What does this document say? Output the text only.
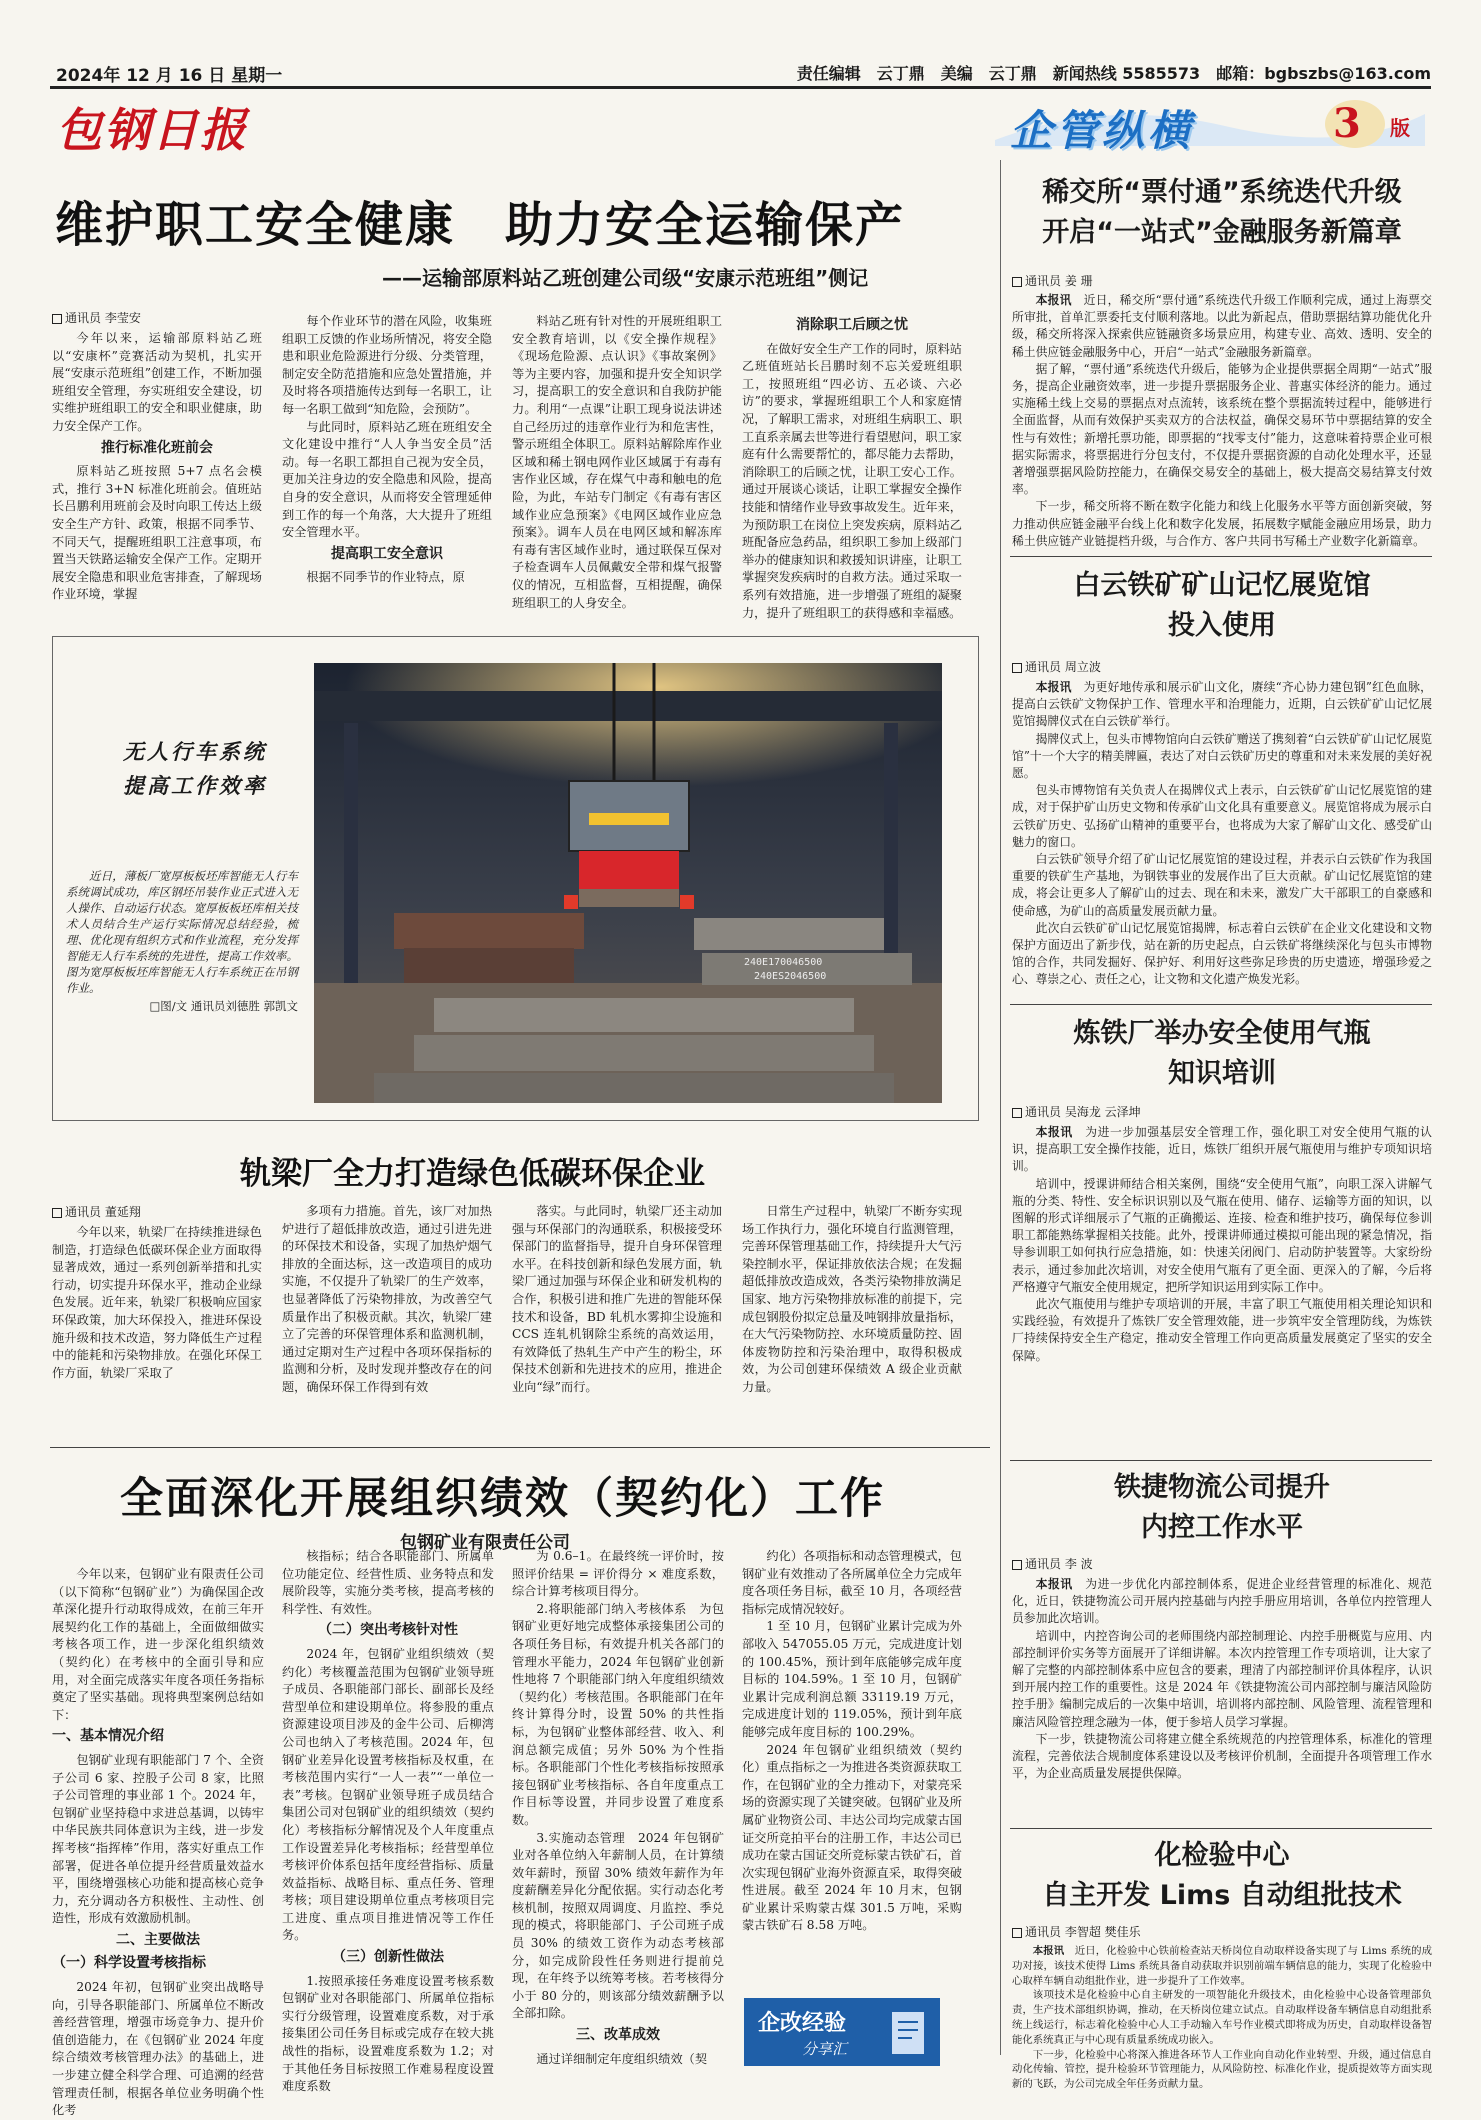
2024年 12 月 16 日 星期一	责任编辑　云丁鼎　美编　云丁鼎　新闻热线 5585573　邮箱：bgbszbs@163.com
包钢日报	企管纵横	3 版
维护职工安全健康　助力安全运输保产
——运输部原料站乙班创建公司级“安康示范班组”侧记
通讯员 李莹安

今年以来，运输部原料站乙班以“安康杯”竞赛活动为契机，扎实开展“安康示范班组”创建工作，不断加强班组安全管理，夯实班组安全建设，切实维护班组职工的安全和职业健康，助力安全保产工作。

推行标准化班前会

原料站乙班按照 5+7 点名会模式，推行 3+N 标准化班前会。值班站长吕鹏利用班前会及时向职工传达上级安全生产方针、政策，根据不同季节、不同天气，提醒班组职工注意事项，布置当天铁路运输安全保产工作。定期开展安全隐患和职业危害排查，了解现场作业环境，掌握

每个作业环节的潜在风险，收集班组职工反馈的作业场所情况，将安全隐患和职业危险源进行分级、分类管理，制定安全防范措施和应急处置措施，并及时将各项措施传达到每一名职工，让每一名职工做到“知危险，会预防”。

与此同时，原料站乙班在班组安全文化建设中推行“人人争当安全员”活动。每一名职工都担自己视为安全员，更加关注身边的安全隐患和风险，提高自身的安全意识，从而将安全管理延伸到工作的每一个角落，大大提升了班组安全管理水平。

提高职工安全意识

根据不同季节的作业特点，原

料站乙班有针对性的开展班组职工安全教育培训，以《安全操作规程》《现场危险源、点认识》《事故案例》等为主要内容，加强和提升安全知识学习，提高职工的安全意识和自我防护能力。利用“一点课”让职工现身说法讲述自己经历过的违章作业行为和危害性，警示班组全体职工。原料站解除库作业区域和稀土钢电网作业区域属于有毒有害作业区域，存在煤气中毒和触电的危险，为此，车站专门制定《有毒有害区域作业应急预案》《电网区域作业应急预案》。调车人员在电网区域和解冻库有毒有害区域作业时，通过联保互保对子检查调车人员佩戴安全带和煤气报警仪的情况，互相监督，互相提醒，确保班组职工的人身安全。

消除职工后顾之忧

在做好安全生产工作的同时，原料站乙班值班站长吕鹏时刻不忘关爱班组职工，按照班组“四必访、五必谈、六必访”的要求，掌握班组职工个人和家庭情况，了解职工需求，对班组生病职工、职工直系亲属去世等进行看望慰问，职工家庭有什么需要帮忙的，都尽能力去帮助，消除职工的后顾之忧，让职工安心工作。通过开展谈心谈话，让职工掌握安全操作技能和情绪作业导致事故发生。近年来，为预防职工在岗位上突发疾病，原料站乙班配备应急药品，组织职工参加上级部门举办的健康知识和救援知识讲座，让职工掌握突发疾病时的自救方法。通过采取一系列有效措施，进一步增强了班组的凝聚力，提升了班组职工的获得感和幸福感。

无人行车系统　提高工作效率

近日，薄板厂宽厚板板坯库智能无人行车系统调试成功，库区钢坯吊装作业正式进入无人操作、自动运行状态。宽厚板板坯库相关技术人员结合生产运行实际情况总结经验，梳理、优化现有组织方式和作业流程，充分发挥智能无人行车系统的先进性，提高工作效率。图为宽厚板板坯库智能无人行车系统正在吊钢作业。

□图/文 通讯员刘德胜 郭凯文

240E170046500
240ES2046500
轨梁厂全力打造绿色低碳环保企业
通讯员 董延翔

今年以来，轨梁厂在持续推进绿色制造，打造绿色低碳环保企业方面取得显著成效，通过一系列创新举措和扎实行动，切实提升环保水平，推动企业绿色发展。近年来，轨梁厂积极响应国家环保政策，加大环保投入，推进环保设施升级和技术改造，努力降低生产过程中的能耗和污染物排放。在强化环保工作方面，轨梁厂采取了

多项有力措施。首先，该厂对加热炉进行了超低排放改造，通过引进先进的环保技术和设备，实现了加热炉烟气排放的全面达标，这一改造项目的成功实施，不仅提升了轨梁厂的生产效率，也显著降低了污染物排放，为改善空气质量作出了积极贡献。其次，轨梁厂建立了完善的环保管理体系和监测机制，通过定期对生产过程中各项环保指标的监测和分析，及时发现并整改存在的问题，确保环保工作得到有效

落实。与此同时，轨梁厂还主动加强与环保部门的沟通联系，积极接受环保部门的监督指导，提升自身环保管理水平。在科技创新和绿色发展方面，轨梁厂通过加强与环保企业和研发机构的合作，积极引进和推广先进的智能环保技术和设备，BD 轧机水雾抑尘设施和 CCS 连轧机钢除尘系统的高效运用，有效降低了热轧生产中产生的粉尘，环保技术创新和先进技术的应用，推进企业向“绿”而行。

日常生产过程中，轨梁厂不断夯实现场工作执行力，强化环境自行监测管理，完善环保管理基础工作，持续提升大气污染控制水平，保证排放依法合规；在发掘超低排放改造成效，各类污染物排放满足国家、地方污染物排放标准的前提下，完成包钢股份拟定总量及吨钢排放量指标，在大气污染物防控、水环境质量防控、固体废物防控和污染治理中，取得积极成效，为公司创建环保绩效 A 级企业贡献力量。

全面深化开展组织绩效（契约化）工作
包钢矿业有限责任公司

今年以来，包钢矿业有限责任公司（以下简称“包钢矿业”）为确保国企改革深化提升行动取得成效，在前三年开展契约化工作的基础上，全面做细做实考核各项工作，进一步深化组织绩效（契约化）在考核中的全面引导和应用，对全面完成落实年度各项任务指标奠定了坚实基础。现将典型案例总结如下：

一、基本情况介绍

包钢矿业现有职能部门 7 个、全资子公司 6 家、控股子公司 8 家，比照子公司管理的事业部 1 个。2024 年，包钢矿业坚持稳中求进总基调，以铸牢中华民族共同体意识为主线，进一步发挥考核“指挥棒”作用，落实好重点工作部署，促进各单位提升经营质量效益水平，围绕增强核心功能和提高核心竞争力，充分调动各方积极性、主动性、创造性，形成有效激励机制。

二、主要做法

（一）科学设置考核指标

2024 年初，包钢矿业突出战略导向，引导各职能部门、所属单位不断改善经营管理，增强市场竞争力、提升价值创造能力，在《包钢矿业 2024 年度综合绩效考核管理办法》的基础上，进一步建立健全科学合理、可追溯的经营管理责任制，根据各单位业务明确个性化考

核指标；结合各职能部门、所属单位功能定位、经营性质、业务特点和发展阶段等，实施分类考核，提高考核的科学性、有效性。

（二）突出考核针对性

2024 年，包钢矿业组织绩效（契约化）考核覆盖范围为包钢矿业领导班子成员、各职能部门部长、副部长及经营型单位和建设期单位。将参股的重点资源建设项目涉及的金牛公司、后柳湾公司也纳入了考核范围。2024 年，包钢矿业差异化设置考核指标及权重，在考核范围内实行“一人一表”“一单位一表”考核。包钢矿业领导班子成员结合集团公司对包钢矿业的组织绩效（契约化）考核指标分解情况及个人年度重点工作设置差异化考核指标；经营型单位考核评价体系包括年度经营指标、质量效益指标、战略目标、重点任务、管理考核；项目建设期单位重点考核项目完工进度、重点项目推进情况等工作任务。

（三）创新性做法

1.按照承接任务难度设置考核系数　包钢矿业对各职能部门、所属单位指标实行分级管理，设置难度系数，对于承接集团公司任务目标或完成存在较大挑战性的指标，设置难度系数为 1.2；对于其他任务目标按照工作难易程度设置难度系数

为 0.6–1。在最终统一评价时，按照评价结果 = 评价得分 × 难度系数，综合计算考核项目得分。

2.将职能部门纳入考核体系　为包钢矿业更好地完成整体承接集团公司的各项任务目标，有效提升机关各部门的管理水平能力，2024 年包钢矿业创新性地将 7 个职能部门纳入年度组织绩效（契约化）考核范围。各职能部门在年终计算得分时，设置 50% 的共性指标，为包钢矿业整体部经营、收入、利润总额完成值；另外 50% 为个性指标。各职能部门个性化考核指标按照承接包钢矿业考核指标、各自年度重点工作目标等设置，并同步设置了难度系数。

3.实施动态管理　2024 年包钢矿业对各单位纳入年薪制人员，在计算绩效年薪时，预留 30% 绩效年薪作为年度薪酬差异化分配依据。实行动态化考核机制，按照双周调度、月监控、季兑现的模式，将职能部门、子公司班子成员 30% 的绩效工资作为动态考核部分，如完成阶段性任务则进行提前兑现，在年终予以统筹考核。若考核得分小于 80 分的，则该部分绩效薪酬予以全部扣除。

三、改革成效

通过详细制定年度组织绩效（契

约化）各项指标和动态管理模式，包钢矿业有效推动了各所属单位全力完成年度各项任务目标，截至 10 月，各项经营指标完成情况较好。

1 至 10 月，包钢矿业累计完成为外部收入 547055.05 万元，完成进度计划的 100.45%，预计到年底能够完成年度目标的 104.59%。1 至 10 月，包钢矿业累计完成利润总额 33119.19 万元，完成进度计划的 119.05%，预计到年底能够完成年度目标的 100.29%。

2024 年包钢矿业组织绩效（契约化）重点指标之一为推进各类资源获取工作，在包钢矿业的全力推动下，对蒙亮采场的资源实现了关键突破。包钢矿业及所属矿业物资公司、丰达公司均完成蒙古国证交所竞拍平台的注册工作，丰达公司已成功在蒙古国证交所竞标蒙古铁矿石，首次实现包钢矿业海外资源直采，取得突破性进展。截至 2024 年 10 月末，包钢矿业累计采购蒙古煤 301.5 万吨，采购蒙古铁矿石 8.58 万吨。

企改经验
分享汇
稀交所“票付通”系统迭代升级
开启“一站式”金融服务新篇章
通讯员 姜 珊

本报讯　 近日，稀交所“票付通”系统迭代升级工作顺利完成，通过上海票交所审批，首单汇票委托支付顺利落地。以此为新起点，借助票据结算功能优化升级，稀交所将深入探索供应链融资多场景应用，构建专业、高效、透明、安全的稀土供应链金融服务中心，开启“一站式”金融服务新篇章。

据了解，“票付通”系统迭代升级后，能够为企业提供票据全周期“一站式”服务，提高企业融资效率，进一步提升票据服务企业、普惠实体经济的能力。通过实施稀土线上交易的票据点对点流转，该系统在整个票据流转过程中，能够进行全面监督，从而有效保护买卖双方的合法权益，确保交易环节中票据结算的安全性与有效性；新增托票功能，即票据的“找零支付”能力，这意味着持票企业可根据实际需求，将票据进行分包支付，不仅提升票据资源的自动化处理水平，还显著增强票据风险防控能力，在确保交易安全的基础上，极大提高交易结算支付效率。

下一步，稀交所将不断在数字化能力和线上化服务水平等方面创新突破，努力推动供应链金融平台线上化和数字化发展，拓展数字赋能金融应用场景，助力稀土供应链产业链提档升级，与合作方、客户共同书写稀土产业数字化新篇章。

白云铁矿矿山记忆展览馆
投入使用
通讯员 周立波

本报讯　 为更好地传承和展示矿山文化，赓续“齐心协力建包钢”红色血脉，提高白云铁矿文物保护工作、管理水平和治理能力，近期，白云铁矿矿山记忆展览馆揭牌仪式在白云铁矿举行。

揭牌仪式上，包头市博物馆向白云铁矿赠送了携刻着“白云铁矿矿山记忆展览馆”十一个大字的精美牌匾，表达了对白云铁矿历史的尊重和对未来发展的美好祝愿。

包头市博物馆有关负责人在揭牌仪式上表示，白云铁矿矿山记忆展览馆的建成，对于保护矿山历史文物和传承矿山文化具有重要意义。展览馆将成为展示白云铁矿历史、弘扬矿山精神的重要平台，也将成为大家了解矿山文化、感受矿山魅力的窗口。

白云铁矿领导介绍了矿山记忆展览馆的建设过程，并表示白云铁矿作为我国重要的铁矿生产基地，为钢铁事业的发展作出了巨大贡献。矿山记忆展览馆的建成，将会让更多人了解矿山的过去、现在和未来，激发广大干部职工的自豪感和使命感，为矿山的高质量发展贡献力量。

此次白云铁矿矿山记忆展览馆揭牌，标志着白云铁矿在企业文化建设和文物保护方面迈出了新步伐，站在新的历史起点，白云铁矿将继续深化与包头市博物馆的合作，共同发掘好、保护好、利用好这些弥足珍贵的历史遗迹，增强珍爱之心、尊崇之心、责任之心，让文物和文化遗产焕发光彩。

炼铁厂举办安全使用气瓶
知识培训
通讯员 吴海龙 云泽坤

本报讯　 为进一步加强基层安全管理工作，强化职工对安全使用气瓶的认识，提高职工安全操作技能，近日，炼铁厂组织开展气瓶使用与维护专项知识培训。

培训中，授课讲师结合相关案例，围绕“安全使用气瓶”，向职工深入讲解气瓶的分类、特性、安全标识识别以及气瓶在使用、储存、运输等方面的知识，以图解的形式详细展示了气瓶的正确搬运、连接、检查和维护技巧，确保每位参训职工都能熟练掌握相关技能。此外，授课讲师通过模拟可能出现的紧急情况，指导参训职工如何执行应急措施，如：快速关闭阀门、启动防护装置等。大家纷纷表示，通过参加此次培训，对安全使用气瓶有了更全面、更深入的了解，今后将严格遵守气瓶安全使用规定，把所学知识运用到实际工作中。

此次气瓶使用与维护专项培训的开展，丰富了职工气瓶使用相关理论知识和实践经验，有效提升了炼铁厂安全管理效能，进一步筑牢安全管理防线，为炼铁厂持续保持安全生产稳定，推动安全管理工作向更高质量发展奠定了坚实的安全保障。

铁捷物流公司提升
内控工作水平
通讯员 李 波

本报讯　 为进一步优化内部控制体系，促进企业经营管理的标准化、规范化，近日，铁捷物流公司开展内控基础与内控手册应用培训，各单位内控管理人员参加此次培训。

培训中，内控咨询公司的老师围绕内部控制理论、内控手册概览与应用、内部控制评价实务等方面展开了详细讲解。本次内控管理工作专项培训，让大家了解了完整的内部控制体系中应包含的要素，理清了内部控制评价具体程序，认识到开展内控工作的重要性。这是 2024 年《铁捷物流公司内部控制与廉洁风险防控手册》编制完成后的一次集中培训，培训将内部控制、风险管理、流程管理和廉洁风险管控理念融为一体，便于参培人员学习掌握。

下一步，铁捷物流公司将建立健全系统规范的内控管理体系，标准化的管理流程，完善依法合规制度体系建设以及考核评价机制，全面提升各项管理工作水平，为企业高质量发展提供保障。

化检验中心
自主开发 Lims 自动组批技术
通讯员 李智超 樊佳乐

本报讯　 近日，化检验中心铁前检查站天桥岗位自动取样设备实现了与 Lims 系统的成功对接，该技术使得 Lims 系统具备自动获取并识别前端车辆信息的能力，实现了化检验中心取样车辆自动组批作业，进一步提升了工作效率。

该项技术是化检验中心自主研发的一项智能化升级技术，由化检验中心设备管理部负责，生产技术部组织协调，推动，在天桥岗位建立试点。自动取样设备车辆信息自动组批系统上线运行，标志着化检验中心人工手动输入车号作业模式即将成为历史，自动取样设备智能化系统真正与中心现有质量系统成功嵌入。

下一步，化检验中心将深入推进各环节人工作业向自动化作业转型、升级，通过信息自动化传输、管控，提升检验环节管理能力，从风险防控、标准化作业，提质提效等方面实现新的飞跃，为公司完成全年任务贡献力量。
